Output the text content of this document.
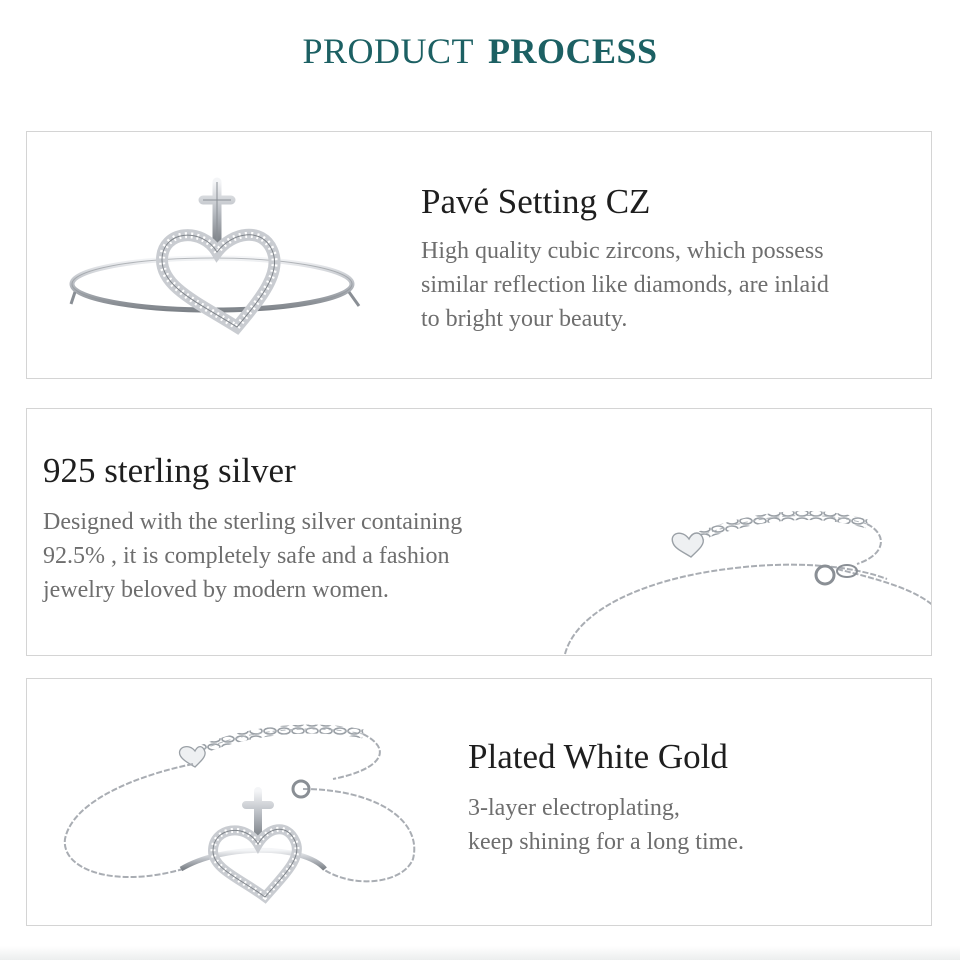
PRODUCT PROCESS
Pavé Setting CZ
High quality cubic zircons, which possess
similar reflection like diamonds, are inlaid
to bright your beauty.
925 sterling silver
Designed with the sterling silver containing
92.5% , it is completely safe and a fashion
jewelry beloved by modern women.
Plated White Gold
3-layer electroplating,
keep shining for a long time.
